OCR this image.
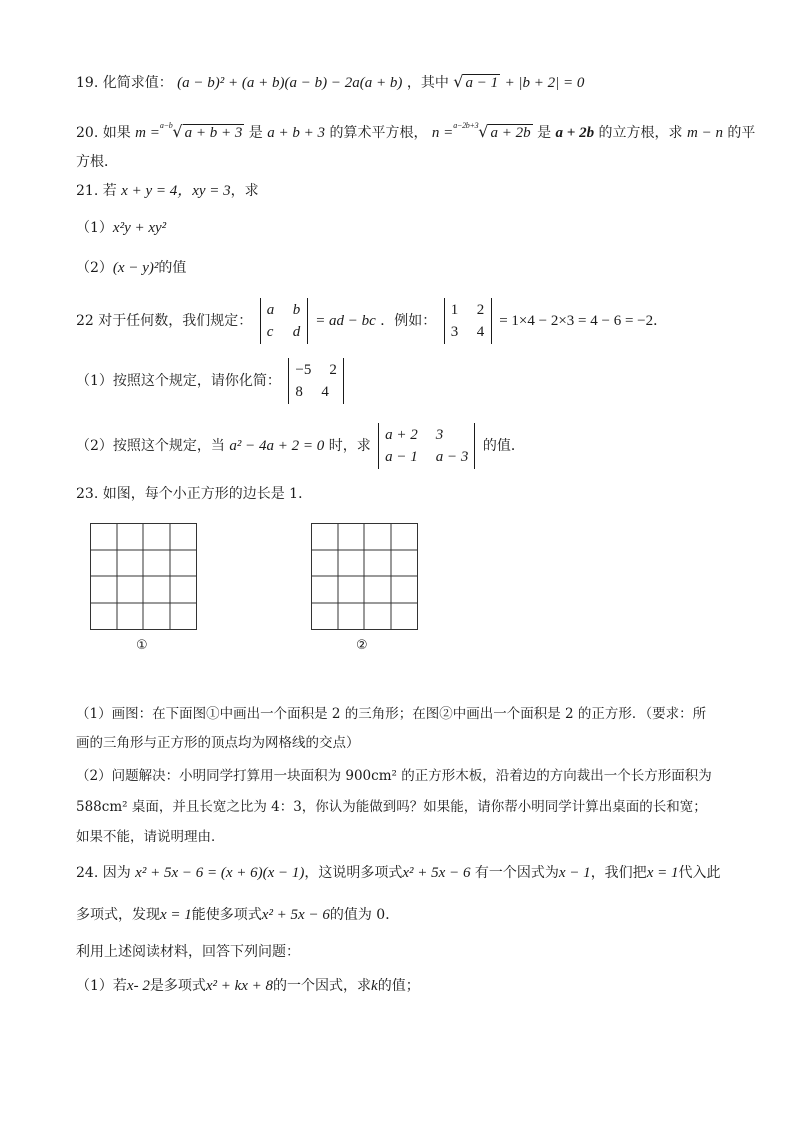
19. 化简求值： (a − b)² + (a + b)(a − b) − 2a(a + b) ，其中 √ a − 1 + |b + 2| = 0
20. 如果 m =$^{a-b}$√ a + b + 3 是 a + b + 3 的算术平方根， n =$^{a-2b+3}$√ a + 2b 是 a + 2b 的立方根，求 m − n 的平
方根．
21. 若 x + y = 4，xy = 3，求
（1）x²y + xy²
（2）(x − y)²的值
22 对于任何数，我们规定：
a b
c d
= ad − bc ．例如：
1 2
3 4
= 1×4 − 2×3 = 4 − 6 = −2．
（1）按照这个规定，请你化简：
−5 2
8 4
（2）按照这个规定，当 a² − 4a + 2 = 0 时，求
a + 2 3
a − 1 a − 3
的值．
23. 如图，每个小正方形的边长是 1．
①	②
（1）画图：在下面图①中画出一个面积是 2 的三角形；在图②中画出一个面积是 2 的正方形．（要求：所
画的三角形与正方形的顶点均为网格线的交点）
（2）问题解决：小明同学打算用一块面积为 900cm² 的正方形木板，沿着边的方向裁出一个长方形面积为
588cm² 桌面，并且长宽之比为 4：3，你认为能做到吗？如果能，请你帮小明同学计算出桌面的长和宽；
如果不能，请说明理由．
24. 因为 x² + 5x − 6 = (x + 6)(x − 1)，这说明多项式x² + 5x − 6 有一个因式为x − 1，我们把x = 1代入此
多项式，发现x = 1能使多项式x² + 5x − 6的值为 0．
利用上述阅读材料，回答下列问题：
（1）若x- 2是多项式x² + kx + 8的一个因式，求k的值；
